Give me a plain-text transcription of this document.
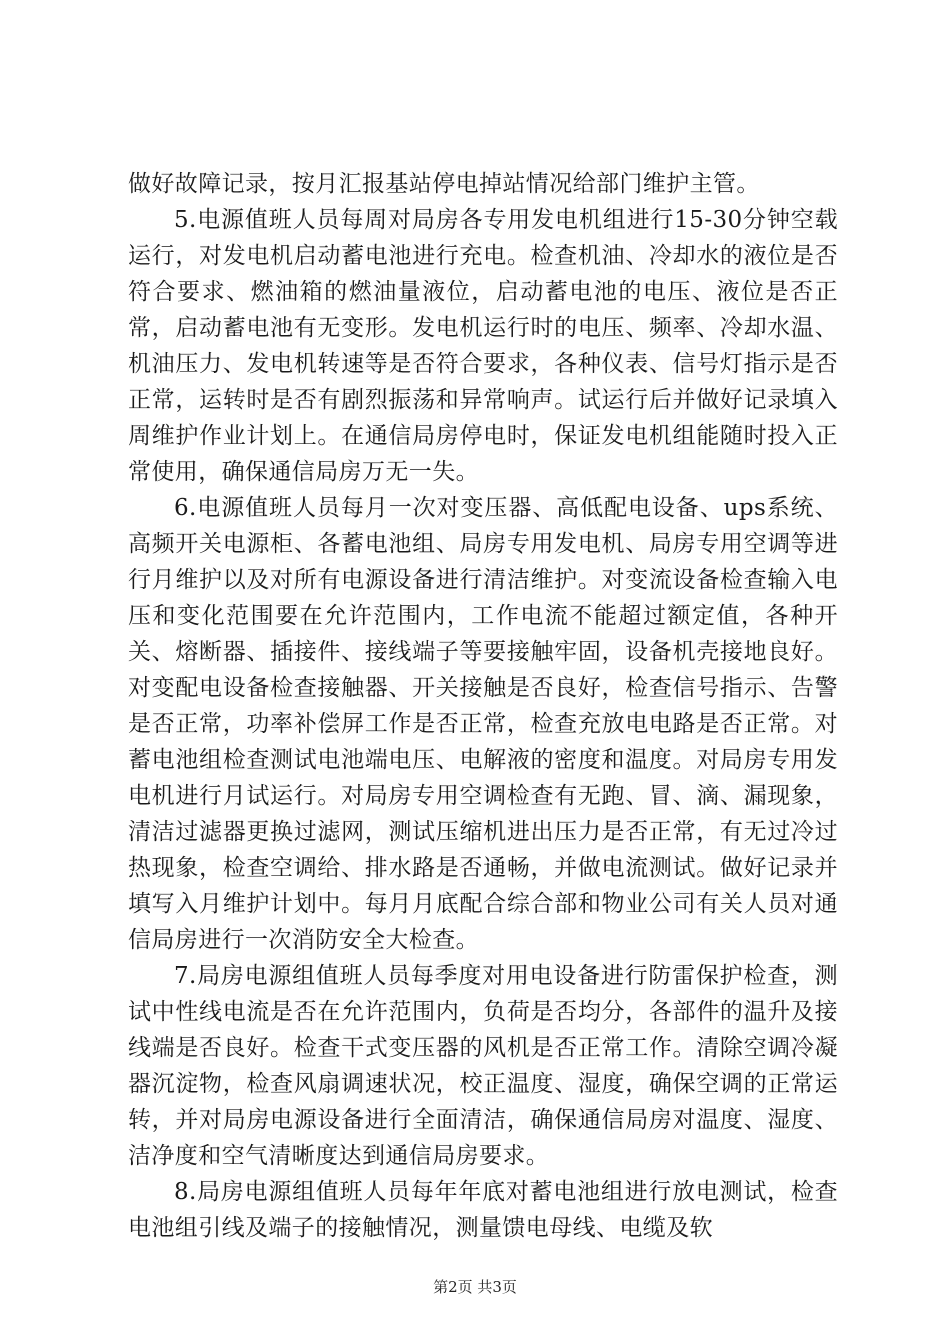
做好故障记录，按月汇报基站停电掉站情况给部门维护主管。

5.电源值班人员每周对局房各专用发电机组进行15-30分钟空载运行，对发电机启动蓄电池进行充电。检查机油、冷却水的液位是否符合要求、燃油箱的燃油量液位，启动蓄电池的电压、液位是否正常，启动蓄电池有无变形。发电机运行时的电压、频率、冷却水温、机油压力、发电机转速等是否符合要求，各种仪表、信号灯指示是否正常，运转时是否有剧烈振荡和异常响声。试运行后并做好记录填入周维护作业计划上。在通信局房停电时，保证发电机组能随时投入正常使用，确保通信局房万无一失。

6.电源值班人员每月一次对变压器、高低配电设备、ups系统、高频开关电源柜、各蓄电池组、局房专用发电机、局房专用空调等进行月维护以及对所有电源设备进行清洁维护。对变流设备检查输入电压和变化范围要在允许范围内，工作电流不能超过额定值，各种开关、熔断器、插接件、接线端子等要接触牢固，设备机壳接地良好。对变配电设备检查接触器、开关接触是否良好，检查信号指示、告警是否正常，功率补偿屏工作是否正常，检查充放电电路是否正常。对蓄电池组检查测试电池端电压、电解液的密度和温度。对局房专用发电机进行月试运行。对局房专用空调检查有无跑、冒、滴、漏现象，清洁过滤器更换过滤网，测试压缩机进出压力是否正常，有无过冷过热现象，检查空调给、排水路是否通畅，并做电流测试。做好记录并填写入月维护计划中。每月月底配合综合部和物业公司有关人员对通信局房进行一次消防安全大检查。

7.局房电源组值班人员每季度对用电设备进行防雷保护检查，测试中性线电流是否在允许范围内，负荷是否均分，各部件的温升及接线端是否良好。检查干式变压器的风机是否正常工作。清除空调冷凝器沉淀物，检查风扇调速状况，校正温度、湿度，确保空调的正常运转，并对局房电源设备进行全面清洁，确保通信局房对温度、湿度、洁净度和空气清晰度达到通信局房要求。

8.局房电源组值班人员每年年底对蓄电池组进行放电测试，检查电池组引线及端子的接触情况，测量馈电母线、电缆及软

第2页 共3页
